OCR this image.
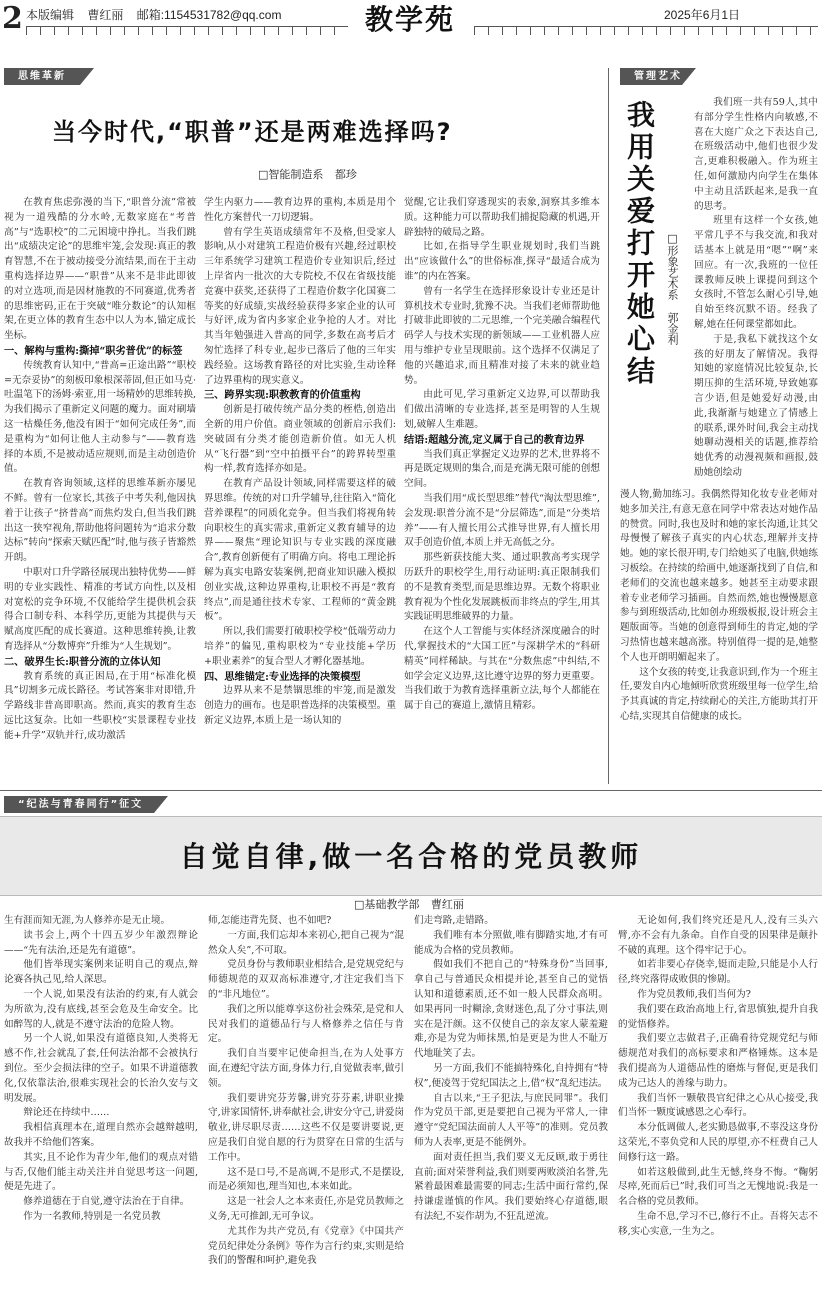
2 本版编辑 曹红丽 邮箱:1154531782@qq.com	教学苑	2025年6月1日
思维革新
当今时代,“职普”还是两难选择吗?
□智能制造系 都珍

在教育焦虑弥漫的当下,“职普分流”常被视为一道残酷的分水岭,无数家庭在“考普高”与“选职校”的二元困境中挣扎。当我们跳出“成绩决定论”的思维牢笼,会发现:真正的教育智慧,不在于被动接受分流结果,而在于主动重构选择边界——“职普”从来不是非此即彼的对立选项,而是因材施教的不同赛道,优秀者的思维密码,正在于突破“唯分数论”的认知框架,在更立体的教育生态中以人为本,锚定成长坐标。

一、解构与重构:撕掉“职劣普优”的标签

传统教育认知中,“普高=正途出路”“职校=无奈妥协”的刻板印象根深蒂固,但正如马克·吐温笔下的汤姆·索亚,用一场精妙的思维转换,为我们揭示了重新定义问题的魔力。面对刷墙这一枯燥任务,他没有困于“如何完成任务”,而是重构为“如何让他人主动参与”——教育选择的本质,不是被动适应规则,而是主动创造价值。

在教育咨询领域,这样的思维革新亦屡见不鲜。曾有一位家长,其孩子中考失利,他因执着于让孩子“挤普高”而焦灼发白,但当我们跳出这一狭窄视角,帮助他将问题转为“追求分数达标”转向“探索天赋匹配”时,他与孩子皆豁然开朗。

中职对口升学路径展现出独特优势——鲜明的专业实践性、精准的考试方向性,以及相对宽松的竞争环境,不仅能给学生提供机会获得合口制专科、本科学历,更能为其提供与天赋高度匹配的成长赛道。这种思维转换,让教育选择从“分数博弈”升维为“人生规划”。

二、破界生长:职普分流的立体认知

教育系统的真正困局,在于用“标准化模具”切割多元成长路径。考试答案非对即错,升学路线非普高即职高。然而,真实的教育生态远比这复杂。比如一些职校“实景课程专业技能+升学”双轨并行,成功激活

学生内驱力——教育边界的重构,本质是用个性化方案替代一刀切逻辑。

曾有学生英语成绩常年不及格,但受家人影响,从小对建筑工程造价极有兴趣,经过职校三年系统学习建筑工程造价专业知识后,经过上岸省内一批次的大专院校,不仅在省级技能竞赛中获奖,还获得了工程造价数字化国赛二等奖的好成绩,实战经验获得多家企业的认可与好评,成为省内多家企业争抢的人才。对比其当年勉强进入普高的同学,多数在高考后才匆忙选择了科专业,起步已落后了他的三年实践经验。这场教育路径的对比实验,生动诠释了边界重构的现实意义。

三、跨界实现:职教教育的价值重构

创新是打破传统产品分类的桎梏,创造出全新的用户价值。商业领域的创新启示我们:突破固有分类才能创造新价值。如无人机从“飞行器”到“空中拍摄平台”的跨界转型重构一样,教育选择亦如是。

在教育产品设计领域,同样需要这样的破界思维。传统的对口升学辅导,往往陷入“简化营养课程”的同质化竞争。但当我们将视角转向职校生的真实需求,重新定义教育辅导的边界——聚焦“理论知识与专业实践的深度融合”,教育创新便有了明确方向。将电工理论拆解为真实电路安装案例,把商业知识融入模拟创业实战,这种边界重构,让职校不再是“教育终点”,而是通往技术专家、工程师的“黄金跳板”。

所以,我们需要打破职校学校“低端劳动力培养”的偏见,重构职校为“专业技能+学历+职业素养”的复合型人才孵化器基地。

四、思维锚定:专业选择的决策模型

边界从来不是禁锢思维的牢笼,而是激发创造力的画布。也是职普选择的决策模型。重新定义边界,本质上是一场认知的

觉醒,它让我们穿透现实的表象,洞察其多维本质。这种能力可以帮助我们捕捉隐藏的机遇,开辟独特的破局之路。

比如,在指导学生职业规划时,我们当跳出“应该做什么”的世俗标准,探寻“最适合成为谁”的内在答案。

曾有一名学生在选择形象设计专业还是计算机技术专业时,犹豫不决。当我们老师帮助他打破非此即彼的二元思维,一个完美融合编程代码学人与技术实现的新领域——工业机器人应用与维护专业呈现眼前。这个选择不仅满足了他的兴趣追求,而且精准对接了未来的就业趋势。

由此可见,学习重新定义边界,可以帮助我们做出清晰的专业选择,甚至是明智的人生规划,破解人生难题。

结语:超越分流,定义属于自己的教育边界

当我们真正掌握定义边界的艺术,世界将不再是既定规则的集合,而是充满无限可能的创想空间。

当我们用“成长型思维”替代“淘汰型思维”,会发现:职普分流不是“分层筛选”,而是“分类培养”——有人擅长用公式推导世界,有人擅长用双手创造价值,本质上并无高低之分。

那些新获技能大奖、通过职教高考实现学历跃升的职校学生,用行动证明:真正限制我们的不是教育类型,而是思维边界。无数个将职业教育视为个性化发展跳板而非终点的学生,用其实践证明思维破界的力量。

在这个人工智能与实体经济深度融合的时代,掌握技术的“大国工匠”与深耕学术的“科研精英”同样稀缺。与其在“分数焦虑”中纠结,不如学会定义边界,这比遵守边界的努力更重要。当我们敢于为教育选择重新立法,每个人都能在属于自己的赛道上,激情且精彩。

管理艺术
我用关爱打开她心结 □形象艺术系 郭金利

我们班一共有59人,其中有部分学生性格内向敏感,不喜在大庭广众之下表达自己,在班级活动中,他们也很少发言,更难积极融入。作为班主任,如何激励内向学生在集体中主动且活跃起来,是我一直的思考。

班里有这样一个女孩,她平常几乎不与我交流,和我对话基本上就是用“嗯”“啊”来回应。有一次,我班的一位任课教师反映上课提问到这个女孩时,不管怎么耐心引导,她自始至终沉默不语。经我了解,她在任何课堂都如此。

于是,我私下就找这个女孩的好朋友了解情况。我得知她的家庭情况比较复杂,长期压抑的生活环境,导致她寡言少语,但是她爱好动漫,由此,我渐渐与她建立了情感上的联系,课外时间,我会主动找她聊动漫相关的话题,推荐给她优秀的动漫视频和画报,鼓励她创绘动

漫人物,勤加练习。我偶然得知化妆专业老师对她多加关注,有意无意在同学中常表达对她作品的赞赏。同时,我也及时和她的家长沟通,让其父母慢慢了解孩子真实的内心状态,理解并支持她。她的家长很开明,专门给她买了电脑,供她练习板绘。在持续的给画中,她逐渐找到了自信,和老师们的交流也越来越多。她甚至主动要求跟着专业老师学习插画。自然而然,她也慢慢愿意参与到班级活动,比如创办班级板报,设计班会主题版面等。当她的创意得到师生的肯定,她的学习热情也越来越高涨。特别值得一提的是,她整个人也开朗明媚起来了。

这个女孩的转变,让我意识到,作为一个班主任,要发自内心地倾听欣赏班级里每一位学生,给予其真诚的肯定,持续耐心的关注,方能助其打开心结,实现其自信健康的成长。

“纪法与青春同行”征文
自觉自律,做一名合格的党员教师
□基础教学部 曹红丽

生有涯而知无涯,为人修养亦是无止境。

读书会上,两个十四五岁少年激烈辩论——“先有法治,还是先有道德”。

他们皆举现实案例来证明自己的观点,辩论赛各执己见,给人深思。

一个人说,如果没有法治的约束,有人就会为所欲为,没有底线,甚至会危及生命安全。比如醉驾的人,就是不遵守法治的危险人物。

另一个人说,如果没有道德良知,人类将无感不作,社会就乱了套,任何法治都不会被执行到位。至少会损法律的空子。如果不讲道德教化,仅依靠法治,很难实现社会的长治久安与文明发展。

辩论还在持续中……

我相信真理本在,道理自然亦会越辩越明,故我并不给他们答案。

其实,且不论作为青少年,他们的观点对错与否,仅他们能主动关注并自觉思考这一问题,便是先进了。

修养道德在于自觉,遵守法治在于自律。

作为一名教师,特别是一名党员教

师,怎能违背先贤、也不如吧?

一方面,我们忘却本来初心,把自己视为“混然众人矣”,不可取。

党员身份与教师职业相结合,是党规党纪与师德规范的双双高标准遵守,才注定我们当下的“非凡地位”。

我们之所以能尊享这份社会殊荣,是党和人民对我们的道德品行与人格修养之信任与肯定。

我们自当要牢记使命担当,在为人处事方面,在遵纪守法方面,身体力行,自觉做表率,做引领。

我们要讲究芬芳馨,讲究芬芬素,讲职业操守,讲家国情怀,讲奉献社会,讲安分守己,讲爱岗敬业,讲尽职尽责……这些不仅是要讲要说,更应是我们自觉自愿的行为贯穿在日常的生活与工作中。

这不是口号,不是高调,不是形式,不是摆设,而是必须知也,理当知也,本来如此。

这是一社会人之本来责任,亦是党员教师之义务,无可推卸,无可争议。

尤其作为共产党员,有《党章》《中国共产党员纪律处分条例》等作为言行约束,实则是给我们的警醒和呵护,避免我

们走弯路,走错路。

我们唯有本分照做,唯有脚踏实地,才有可能成为合格的党员教师。

假如我们不把自己的“特殊身份”当回事,拿自己与普通民众相提并论,甚至自己的觉悟认知和道德素质,还不如一般人民群众高明。如果再同一时糊涂,贪财迷色,乱了分寸事法,则实在是汗颜。这不仅使自己的亲友家人蒙羞避难,亦是为党为师抹黑,怕是更是为世人不耻万代地耻笑了去。

另一方面,我们不能搞特殊化,自持拥有“特权”,便凌驾于党纪国法之上,借“权”乱纪违法。

自古以来,“王子犯法,与庶民同罪”。我们作为党员干部,更是要把自己视为平常人,一律遵守“党纪国法面前人人平等”的准则。党员教师为人表率,更是不能例外。

面对责任担当,我们要义无反顾,敢于勇往直前;面对荣誉利益,我们则要两败淡泊名誉,先紧着最困难最需要的同志;生活中面行常约,保持谦虚谨慎的作风。我们要始终心存道德,眼有法纪,不妄作胡为,不狂乱逆流。

无论如何,我们终究还是凡人,没有三头六臂,亦不会有九条命。自作自受的因果律是颠扑不破的真理。这个得牢记于心。

如若非要心存侥幸,铤而走险,只能是小人行径,终究落得成败俱的惨剧。

作为党员教师,我们当何为?

我们要在政治高地上行,省思慎独,提升自我的觉悟修养。

我们要立志做君子,正确看待党规党纪与师德规范对我们的高标要求和严格锤炼。这本是我们提高为人道德品性的磨炼与督促,更是我们成为己达人的善缘与助力。

我们当怀一颗敬畏官纪律之心从心接受,我们当怀一颗度诚感恩之心奉行。

本分低调做人,老实勤恳做事,不辜没这身份这荣光,不辜负党和人民的厚望,亦不枉费自己人间修行这一路。

如若这般做到,此生无憾,终身不悔。“鞠躬尽瘁,死而后已”时,我们可当之无愧地说:我是一名合格的党员教师。

生命不息,学习不已,修行不止。吾将矢志不移,实心实意,一生为之。
